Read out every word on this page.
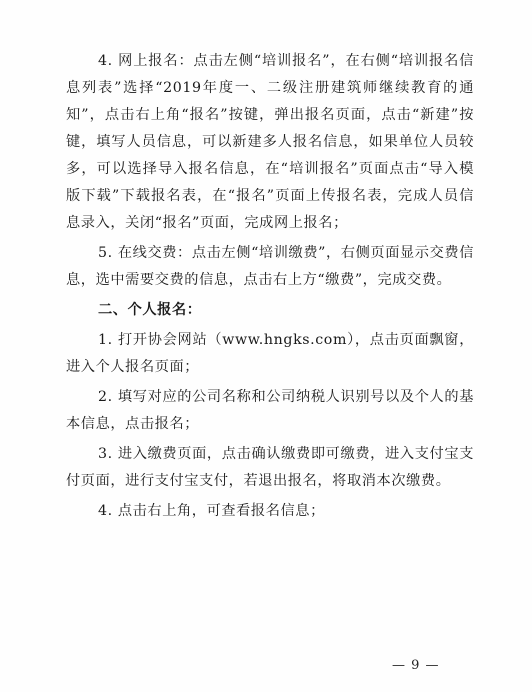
4. 网上报名：点击左侧“培训报名”，在右侧“培训报名信息列表”选择“2019年度一、二级注册建筑师继续教育的通知”，点击右上角“报名”按键，弹出报名页面，点击“新建”按键，填写人员信息，可以新建多人报名信息，如果单位人员较多，可以选择导入报名信息，在“培训报名”页面点击“导入模版下载”下载报名表，在“报名”页面上传报名表，完成人员信息录入，关闭“报名”页面，完成网上报名；

5. 在线交费：点击左侧“培训缴费”，右侧页面显示交费信息，选中需要交费的信息，点击右上方“缴费”，完成交费。

二、个人报名：

1. 打开协会网站（www.hngks.com），点击页面飘窗，进入个人报名页面；

2. 填写对应的公司名称和公司纳税人识别号以及个人的基本信息，点击报名；

3. 进入缴费页面，点击确认缴费即可缴费，进入支付宝支付页面，进行支付宝支付，若退出报名，将取消本次缴费。

4. 点击右上角，可查看报名信息；

— 9 —
